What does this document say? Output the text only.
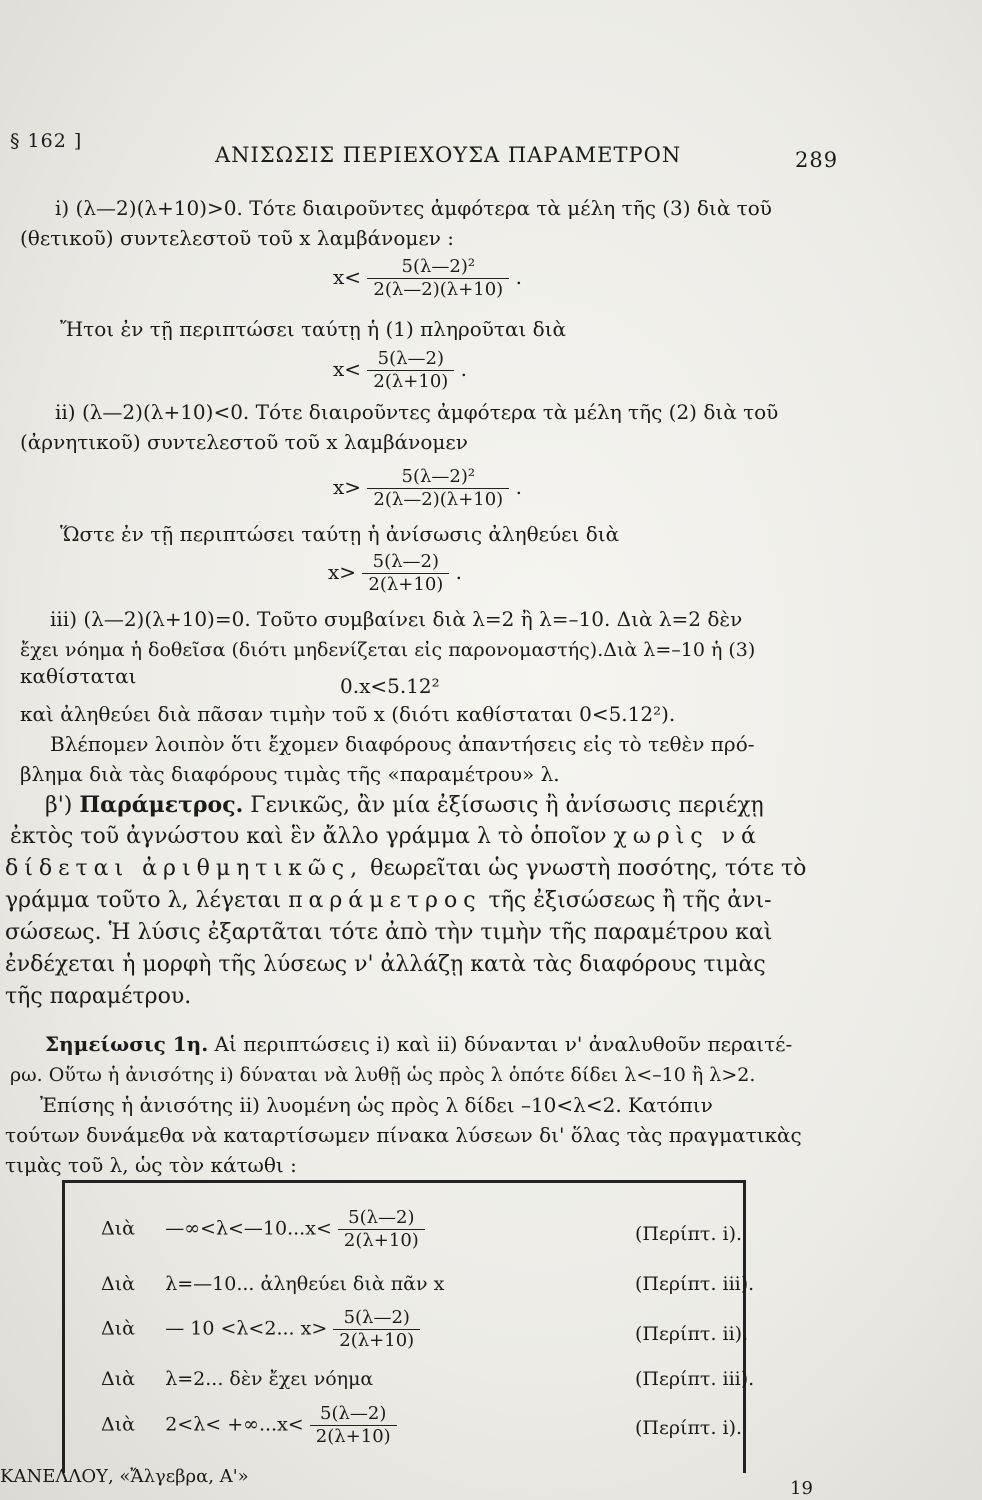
§ 162 ]
ΑΝΙΣΩΣΙΣ ΠΕΡΙΕΧΟΥΣΑ ΠΑΡΑΜΕΤΡΟΝ	289
i) (λ—2)(λ+10)>0. Τότε διαιροῦντες ἀμφότερα τὰ μέλη τῆς (3) διὰ τοῦ
(θετικοῦ) συντελεστοῦ τοῦ x λαμβάνομεν :
$x< \frac{\text{5(λ—2)²}}{2(\lambda—2)(\lambda+10)}$ .
Ἤτοι ἐν τῇ περιπτώσει ταύτῃ ἡ (1) πληροῦται διὰ
$x< \frac{5(\lambda—2)}{2(\lambda+10)}$ .
ii) (λ—2)(λ+10)<0. Τότε διαιροῦντες ἀμφότερα τὰ μέλη τῆς (2) διὰ τοῦ
(ἀρνητικοῦ) συντελεστοῦ τοῦ x λαμβάνομεν
$x> \frac{\text{5(λ—2)²}}{2(\lambda—2)(\lambda+10)}$ .
Ὥστε ἐν τῇ περιπτώσει ταύτῃ ἡ ἀνίσωσις ἀληθεύει διὰ
$x> \frac{5(\lambda—2)}{2(\lambda+10)}$ .
iii) (λ—2)(λ+10)=0. Τοῦτο συμβαίνει διὰ λ=2 ἢ λ=–10. Διὰ λ=2 δὲν
ἔχει νόημα ἡ δοθεῖσα (διότι μηδενίζεται εἰς παρονομαστής).Διὰ λ=–10 ἡ (3)
καθίσταται	0.x<5.12²
καὶ ἀληθεύει διὰ πᾶσαν τιμὴν τοῦ x (διότι καθίσταται 0<5.12²).
Βλέπομεν λοιπὸν ὅτι ἔχομεν διαφόρους ἀπαντήσεις εἰς τὸ τεθὲν πρό-
βλημα διὰ τὰς διαφόρους τιμὰς τῆς «παραμέτρου» λ.
β') Παράμετρος. Γενικῶς, ἂν μία ἐξίσωσις ἢ ἀνίσωσις περιέχῃ
ἐκτὸς τοῦ ἀγνώστου καὶ ἓν ἄλλο γράμμα λ τὸ ὁποῖον χωρὶς νά
δίδεται ἀριθμητικῶς, θεωρεῖται ὡς γνωστὴ ποσότης, τότε τὸ
γράμμα τοῦτο λ, λέγεται παράμετρος τῆς ἐξισώσεως ἢ τῆς ἀνι-
σώσεως. Ἡ λύσις ἐξαρτᾶται τότε ἀπὸ τὴν τιμὴν τῆς παραμέτρου καὶ
ἐνδέχεται ἡ μορφὴ τῆς λύσεως ν' ἀλλάζῃ κατὰ τὰς διαφόρους τιμὰς
τῆς παραμέτρου.
Σημείωσις 1η. Αἱ περιπτώσεις i) καὶ ii) δύνανται ν' ἀναλυθοῦν περαιτέ-
ρω. Οὕτω ἡ ἀνισότης i) δύναται νὰ λυθῇ ὡς πρὸς λ ὁπότε δίδει λ<–10 ἢ λ>2.
Ἐπίσης ἡ ἀνισότης ii) λυομένη ὡς πρὸς λ δίδει –10<λ<2. Κατόπιν
τούτων δυνάμεθα νὰ καταρτίσωμεν πίνακα λύσεων δι' ὅλας τὰς πραγματικὰς
τιμὰς τοῦ λ, ὡς τὸν κάτωθι :
Διὰ —∞<λ<—10...x< $\frac{5(\lambda—2)}{2(\lambda+10)}$	(Περίπτ. i).
Διὰ λ=—10... ἀληθεύει διὰ πᾶν x	(Περίπτ. iii).
Διὰ — 10 <λ<2... $x> \frac{5(\lambda—2)}{2(\lambda+10)}$	(Περίπτ. ii).
Διὰ λ=2... δὲν ἔχει νόημα	(Περίπτ. iii).
Διὰ $2<\lambda< +\infty...x< \frac{5(\lambda—2)}{2(\lambda+10)}$	(Περίπτ. i).
ΚΑΝΕΛΛΟΥ, «Ἄλγεβρα, Α'»
19
